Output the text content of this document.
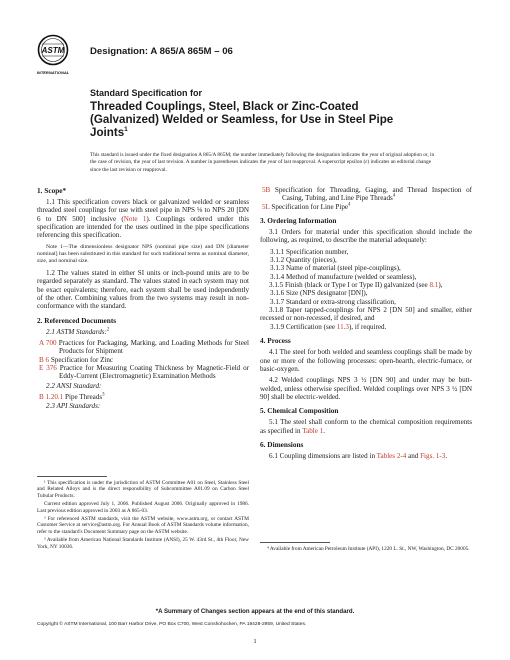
ASTM
INTERNATIONAL
Designation: A 865/A 865M – 06
Standard Specification for
Threaded Couplings, Steel, Black or Zinc-Coated
(Galvanized) Welded or Seamless, for Use in Steel Pipe
Joints$^1$
This standard is issued under the fixed designation A 865/A 865M; the number immediately following the designation indicates the year of original adoption or, in the case of revision, the year of last revision. A number in parentheses indicates the year of last reapproval. A superscript epsilon (ε) indicates an editorial change since the last revision or reapproval.
1. Scope*

1.1 This specification covers black or galvanized welded or seamless threaded steel couplings for use with steel pipe in NPS ⅛ to NPS 20 [DN 6 to DN 500] inclusive (Note 1). Couplings ordered under this specification are intended for the uses outlined in the pipe specifications referencing this specification.

Note 1—The dimensionless designator NPS (nominal pipe size) and DN [diameter nominal] has been substituted in this standard for such traditional terms as nominal diameter, size, and nominal size.

1.2 The values stated in either SI units or inch-pound units are to be regarded separately as standard. The values stated in each system may not be exact equivalents; therefore, each system shall be used independently of the other. Combining values from the two systems may result in non-conformance with the standard.

2. Referenced Documents

2.1 ASTM Standards:$^2$

A 700 Practices for Packaging, Marking, and Loading Methods for Steel Products for Shipment
B 6 Specification for Zinc
E 376 Practice for Measuring Coating Thickness by Magnetic-Field or Eddy-Current (Electromagnetic) Examination Methods

2.2 ANSI Standard:

B 1.20.1 Pipe Threads$^3$

2.3 API Standards:

5B Specification for Threading, Gaging, and Thread Inspection of Casing, Tubing, and Line Pipe Threads$^4$
5L Specification for Line Pipe$^4$
3. Ordering Information

3.1 Orders for material under this specification should include the following, as required, to describe the material adequately:

3.1.1 Specification number,
3.1.2 Quantity (pieces),
3.1.3 Name of material (steel pipe-couplings),
3.1.4 Method of manufacture (welded or seamless),

3.1.5 Finish (black or Type I or Type II) galvanized (see 8.1),

3.1.6 Size (NPS designator [DN]),
3.1.7 Standard or extra-strong classification,

3.1.8 Taper tapped-couplings for NPS 2 [DN 50] and smaller, either recessed or non-recessed, if desired, and

3.1.9 Certification (see 11.3), if required.
4. Process

4.1 The steel for both welded and seamless couplings shall be made by one or more of the following processes: open-hearth, electric-furnace, or basic-oxygen.

4.2 Welded couplings NPS 3 ½ [DN 90] and under may be butt-welded, unless otherwise specified. Welded couplings over NPS 3 ½ [DN 90] shall be electric-welded.

5. Chemical Composition

5.1 The steel shall conform to the chemical composition requirements as specified in Table 1.

6. Dimensions

6.1 Coupling dimensions are listed in Tables 2-4 and Figs. 1-3.

¹ This specification is under the jurisdiction of ASTM Committee A01 on Steel, Stainless Steel and Related Alloys and is the direct responsibility of Subcommittee A01.09 on Carbon Steel Tubular Products.

Current edition approved July 1, 2006. Published August 2006. Originally approved in 1986. Last previous edition approved in 2003 as A 865-03.

² For referenced ASTM standards, visit the ASTM website, www.astm.org, or contact ASTM Customer Service at service@astm.org. For Annual Book of ASTM Standards volume information, refer to the standard's Document Summary page on the ASTM website.

³ Available from American National Standards Institute (ANSI), 25 W. 43rd St., 4th Floor, New York, NY 10036.	⁴ Available from American Petroleum Institute (API), 1220 L. St., NW, Washington, DC 20005.

*A Summary of Changes section appears at the end of this standard.
Copyright © ASTM International, 100 Barr Harbor Drive, PO Box C700, West Conshohocken, PA 19428-2959, United States.
1
